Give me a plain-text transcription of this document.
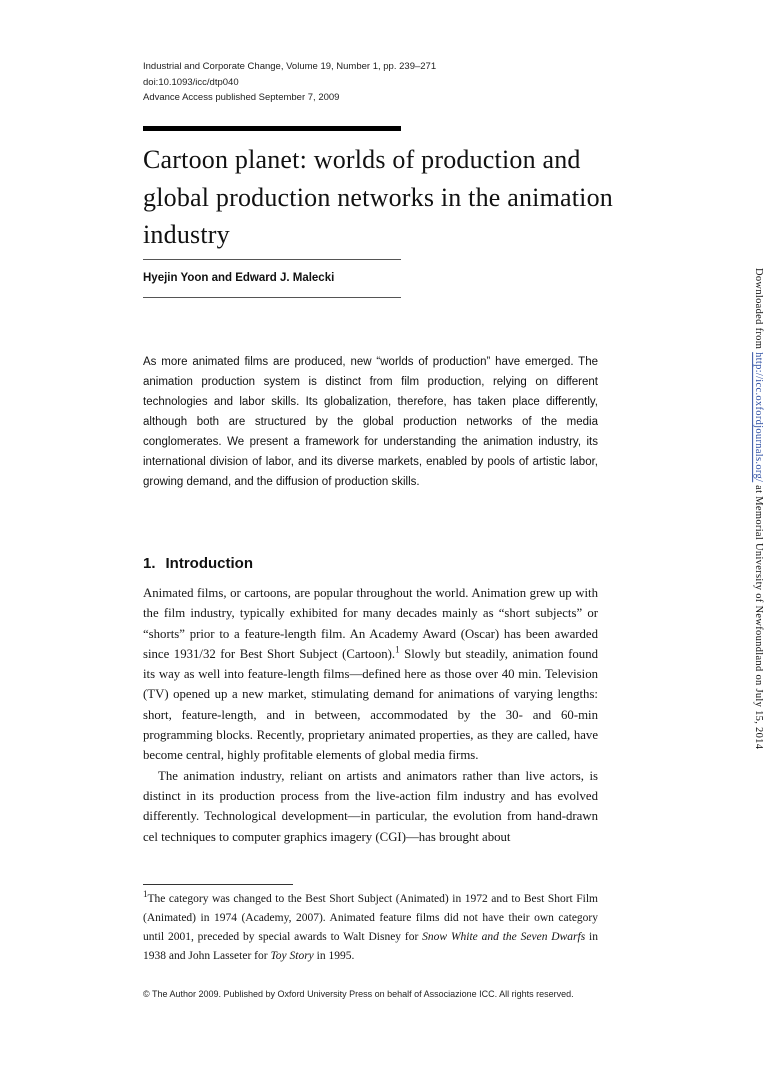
Industrial and Corporate Change, Volume 19, Number 1, pp. 239–271
doi:10.1093/icc/dtp040
Advance Access published September 7, 2009
Cartoon planet: worlds of production and global production networks in the animation industry
Hyejin Yoon and Edward J. Malecki
As more animated films are produced, new “worlds of production” have emerged. The animation production system is distinct from film production, relying on different technologies and labor skills. Its globalization, therefore, has taken place differently, although both are structured by the global production networks of the media conglomerates. We present a framework for understanding the animation industry, its international division of labor, and its diverse markets, enabled by pools of artistic labor, growing demand, and the diffusion of production skills.
1. Introduction

Animated films, or cartoons, are popular throughout the world. Animation grew up with the film industry, typically exhibited for many decades mainly as “short subjects” or “shorts” prior to a feature-length film. An Academy Award (Oscar) has been awarded since 1931/32 for Best Short Subject (Cartoon).$^1$ Slowly but steadily, animation found its way as well into feature-length films—defined here as those over 40 min. Television (TV) opened up a new market, stimulating demand for animations of varying lengths: short, feature-length, and in between, accommodated by the 30- and 60-min programming blocks. Recently, proprietary animated properties, as they are called, have become central, highly profitable elements of global media firms.

The animation industry, reliant on artists and animators rather than live actors, is distinct in its production process from the live-action film industry and has evolved differently. Technological development—in particular, the evolution from hand-drawn cel techniques to computer graphics imagery (CGI)—has brought about

$^1$The category was changed to the Best Short Subject (Animated) in 1972 and to Best Short Film (Animated) in 1974 (Academy, 2007). Animated feature films did not have their own category until 2001, preceded by special awards to Walt Disney for Snow White and the Seven Dwarfs in 1938 and John Lasseter for Toy Story in 1995.
© The Author 2009. Published by Oxford University Press on behalf of Associazione ICC. All rights reserved.
Downloaded from http://icc.oxfordjournals.org/ at Memorial University of Newfoundland on July 15, 2014
